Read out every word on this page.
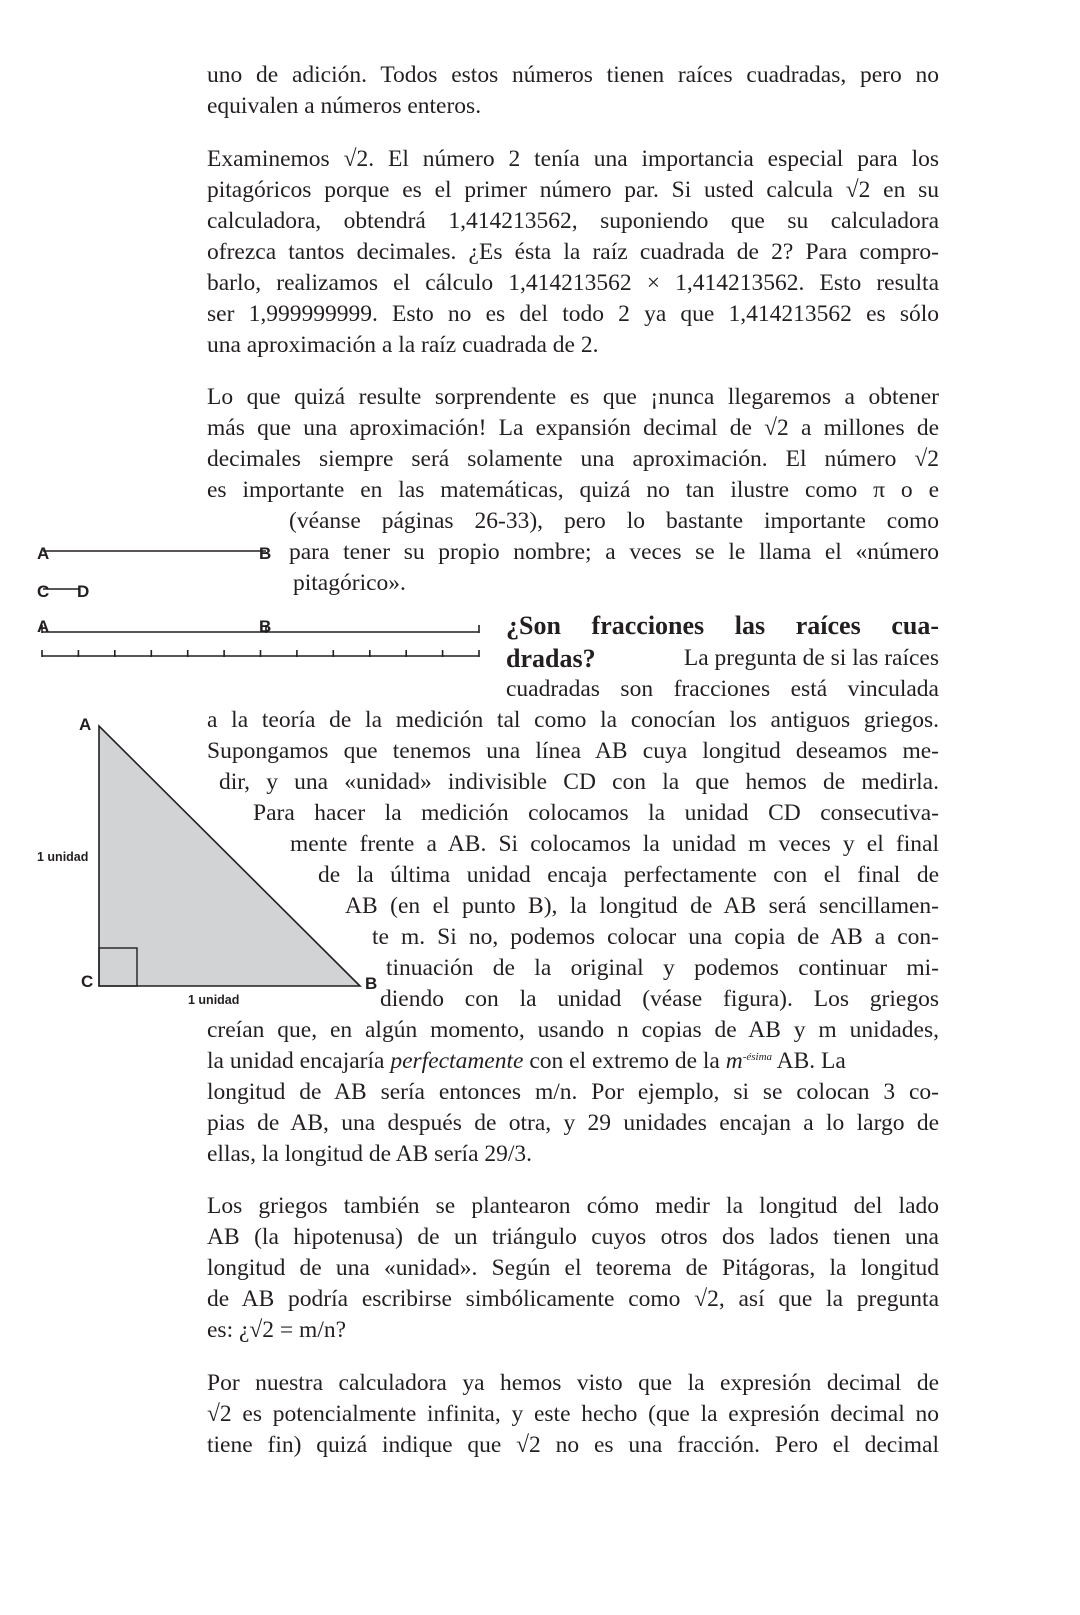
A	B
C D
A	B
A
C	B
1 unidad
1 unidad
uno de adición. Todos estos números tienen raíces cuadradas, pero no
equivalen a números enteros.
Examinemos √2. El número 2 tenía una importancia especial para los
pitagóricos porque es el primer número par. Si usted calcula √2 en su
calculadora, obtendrá 1,414213562, suponiendo que su calculadora
ofrezca tantos decimales. ¿Es ésta la raíz cuadrada de 2? Para compro-
barlo, realizamos el cálculo 1,414213562 × 1,414213562. Esto resulta
ser 1,999999999. Esto no es del todo 2 ya que 1,414213562 es sólo
una aproximación a la raíz cuadrada de 2.
Lo que quizá resulte sorprendente es que ¡nunca llegaremos a obtener
más que una aproximación! La expansión decimal de √2 a millones de
decimales siempre será solamente una aproximación. El número √2
es importante en las matemáticas, quizá no tan ilustre como π o e
(véanse páginas 26-33), pero lo bastante importante como
para tener su propio nombre; a veces se le llama el «número
pitagórico».
¿Son fracciones las raíces cua-
dradas?	La pregunta de si las raíces
cuadradas son fracciones está vinculada
a la teoría de la medición tal como la conocían los antiguos griegos.
Supongamos que tenemos una línea AB cuya longitud deseamos me-
dir, y una «unidad» indivisible CD con la que hemos de medirla.
Para hacer la medición colocamos la unidad CD consecutiva-
mente frente a AB. Si colocamos la unidad m veces y el final
de la última unidad encaja perfectamente con el final de
AB (en el punto B), la longitud de AB será sencillamen-
te m. Si no, podemos colocar una copia de AB a con-
tinuación de la original y podemos continuar mi-
diendo con la unidad (véase figura). Los griegos
creían que, en algún momento, usando n copias de AB y m unidades,
la unidad encajaría perfectamente con el extremo de la $m^{-ésima}$ AB. La
longitud de AB sería entonces m/n. Por ejemplo, si se colocan 3 co-
pias de AB, una después de otra, y 29 unidades encajan a lo largo de
ellas, la longitud de AB sería 29/3.
Los griegos también se plantearon cómo medir la longitud del lado
AB (la hipotenusa) de un triángulo cuyos otros dos lados tienen una
longitud de una «unidad». Según el teorema de Pitágoras, la longitud
de AB podría escribirse simbólicamente como √2, así que la pregunta
es: ¿√2 = m/n?
Por nuestra calculadora ya hemos visto que la expresión decimal de
√2 es potencialmente infinita, y este hecho (que la expresión decimal no
tiene fin) quizá indique que √2 no es una fracción. Pero el decimal
